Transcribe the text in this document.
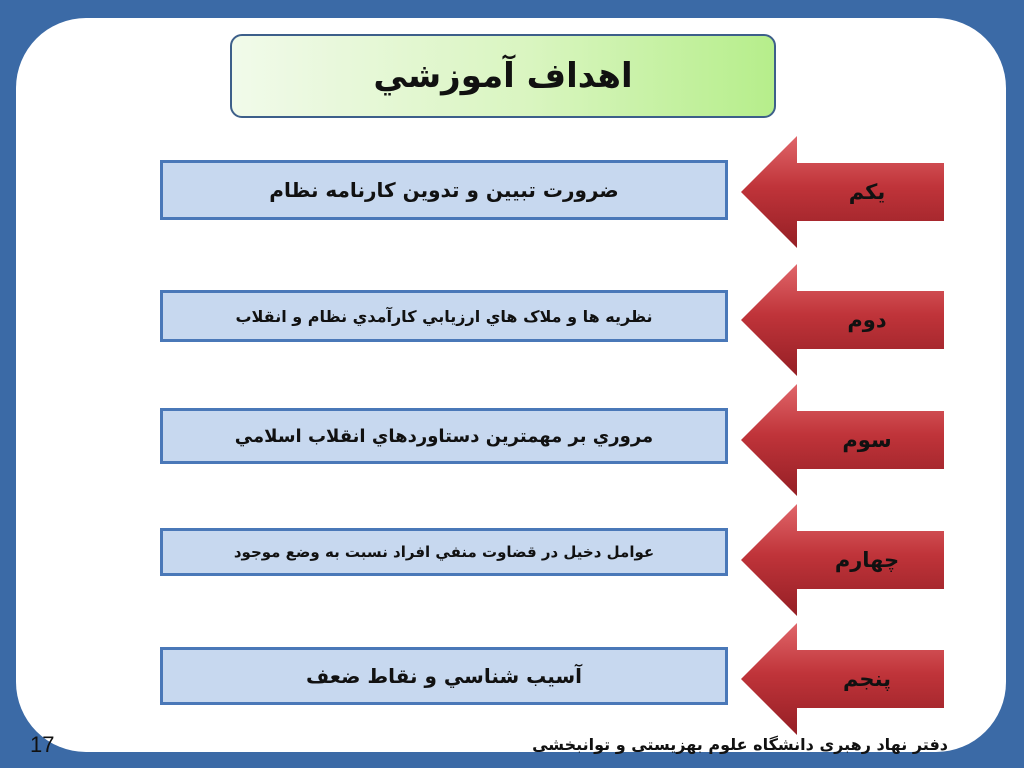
اهداف آموزشي
ضرورت تبيين و تدوين كارنامه نظام	يكم
نظريه ها و ملاک هاي ارزيابي كارآمدي نظام و انقلاب	دوم
مروري بر مهمترين دستاوردهاي انقلاب اسلامي	سوم
عوامل دخيل در قضاوت منفي افراد نسبت به وضع موجود	چهارم
آسيب شناسي و نقاط ضعف	پنجم
17	دفتر نهاد رهبری دانشگاه علوم بهزیستی و توانبخشی
